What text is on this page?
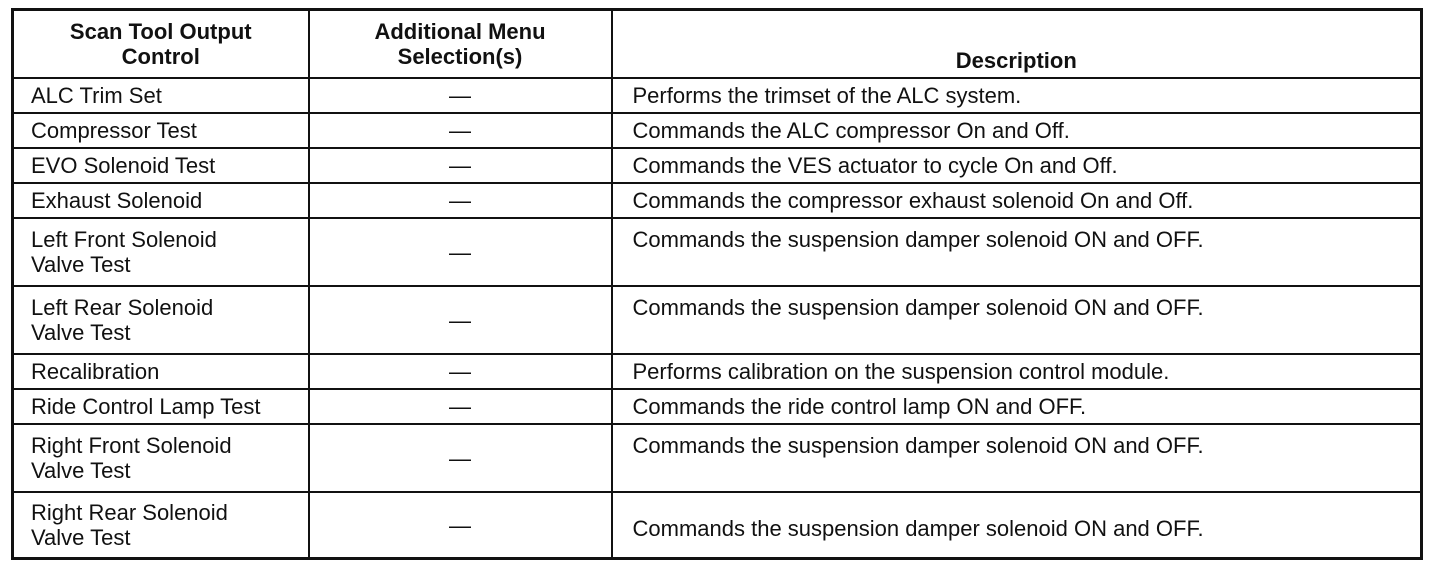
Scan Tool Output Control	Additional Menu Selection(s)	Description
ALC Trim Set	—	Performs the trimset of the ALC system.
Compressor Test	—	Commands the ALC compressor On and Off.
EVO Solenoid Test	—	Commands the VES actuator to cycle On and Off.
Exhaust Solenoid	—	Commands the compressor exhaust solenoid On and Off.
Left Front Solenoid Valve Test	—	Commands the suspension damper solenoid ON and OFF.
Left Rear Solenoid Valve Test	—	Commands the suspension damper solenoid ON and OFF.
Recalibration	—	Performs calibration on the suspension control module.
Ride Control Lamp Test	—	Commands the ride control lamp ON and OFF.
Right Front Solenoid Valve Test	—	Commands the suspension damper solenoid ON and OFF.
Right Rear Solenoid Valve Test	—	Commands the suspension damper solenoid ON and OFF.
